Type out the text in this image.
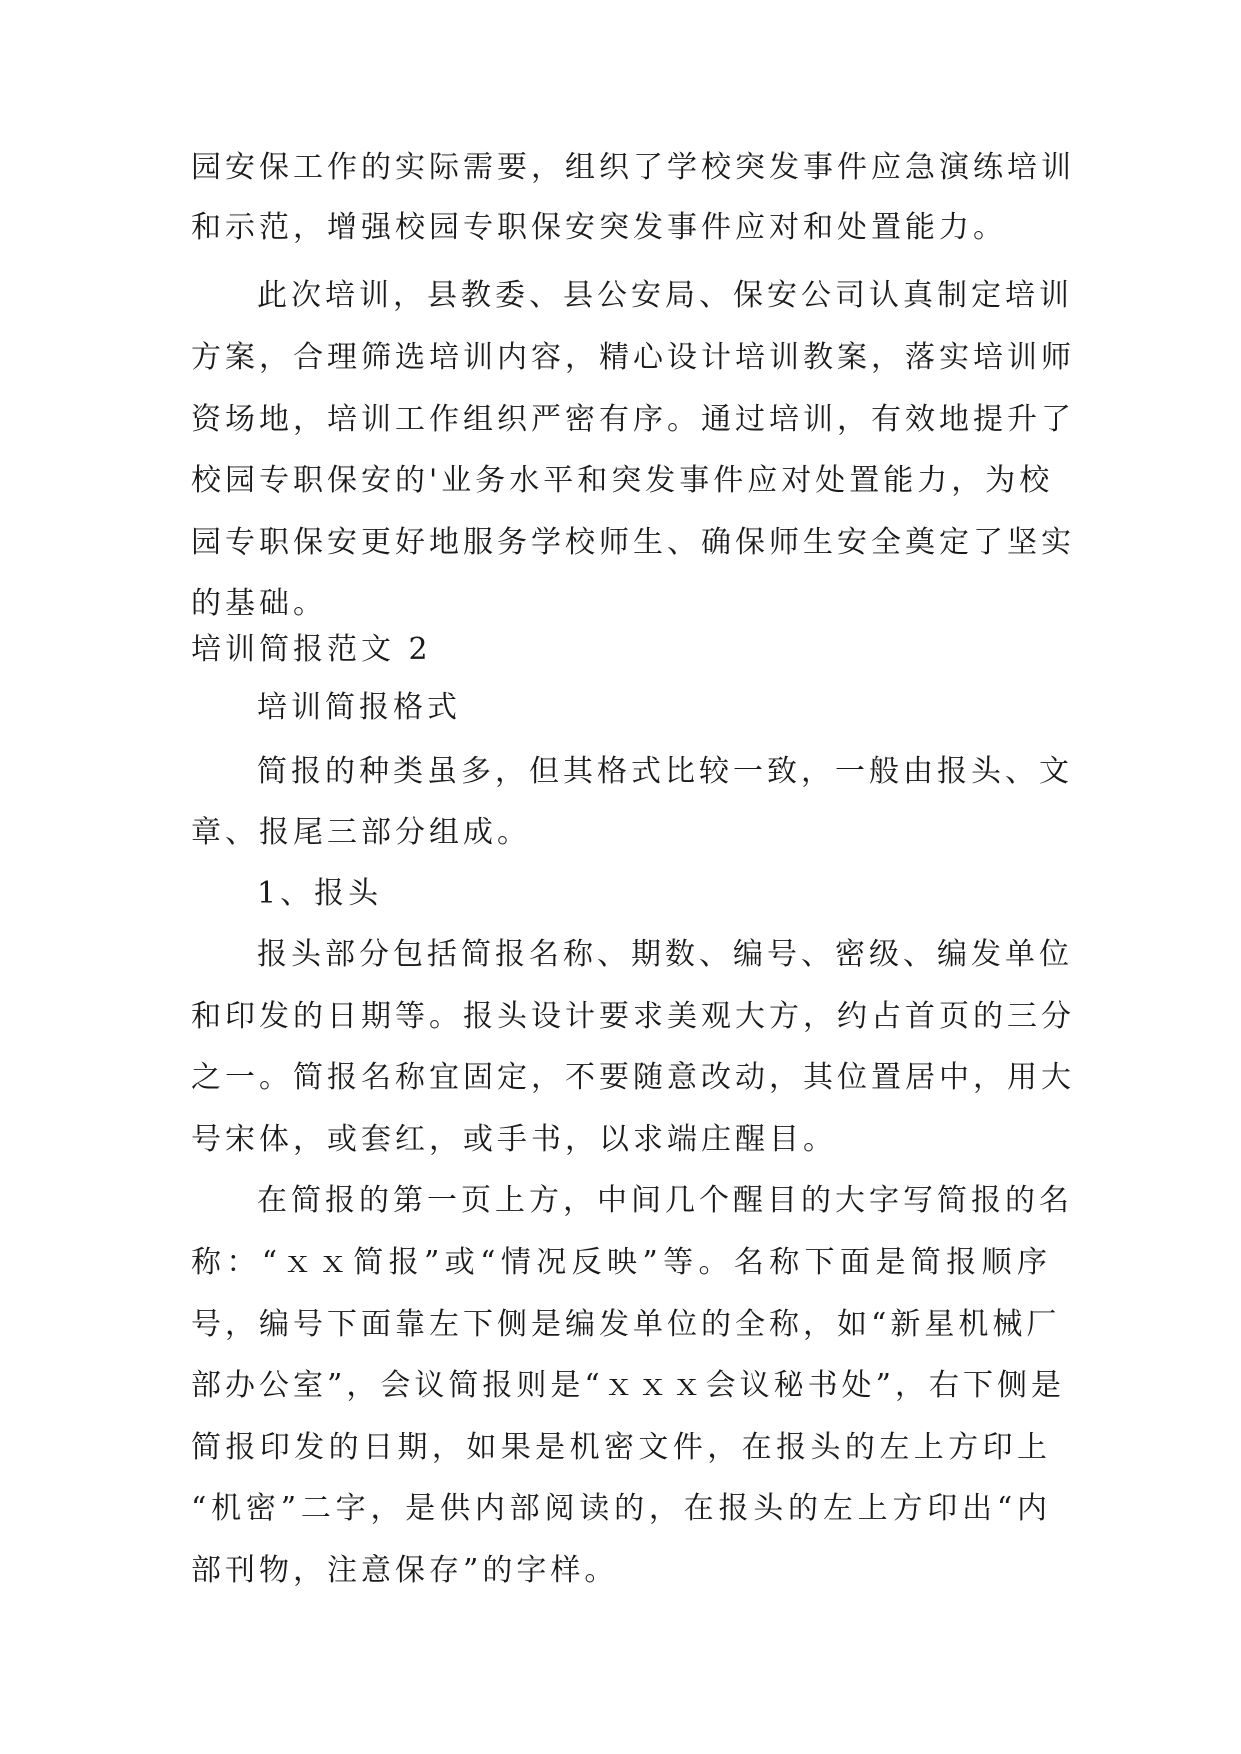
园安保工作的实际需要，组织了学校突发事件应急演练培训
和示范，增强校园专职保安突发事件应对和处置能力。
此次培训，县教委、县公安局、保安公司认真制定培训
方案，合理筛选培训内容，精心设计培训教案，落实培训师
资场地，培训工作组织严密有序。通过培训，有效地提升了
校园专职保安的'业务水平和突发事件应对处置能力，为校
园专职保安更好地服务学校师生、确保师生安全奠定了坚实
的基础。
培训简报范文 2
培训简报格式
简报的种类虽多，但其格式比较一致，一般由报头、文
章、报尾三部分组成。
1、报头
报头部分包括简报名称、期数、编号、密级、编发单位
和印发的日期等。报头设计要求美观大方，约占首页的三分
之一。简报名称宜固定，不要随意改动，其位置居中，用大
号宋体，或套红，或手书，以求端庄醒目。
在简报的第一页上方，中间几个醒目的大字写简报的名
称：“ｘｘ简报”或“情况反映”等。名称下面是简报顺序
号，编号下面靠左下侧是编发单位的全称，如“新星机械厂
部办公室”，会议简报则是“ｘｘｘ会议秘书处”，右下侧是
简报印发的日期，如果是机密文件，在报头的左上方印上
“机密”二字，是供内部阅读的，在报头的左上方印出“内
部刊物，注意保存”的字样。
